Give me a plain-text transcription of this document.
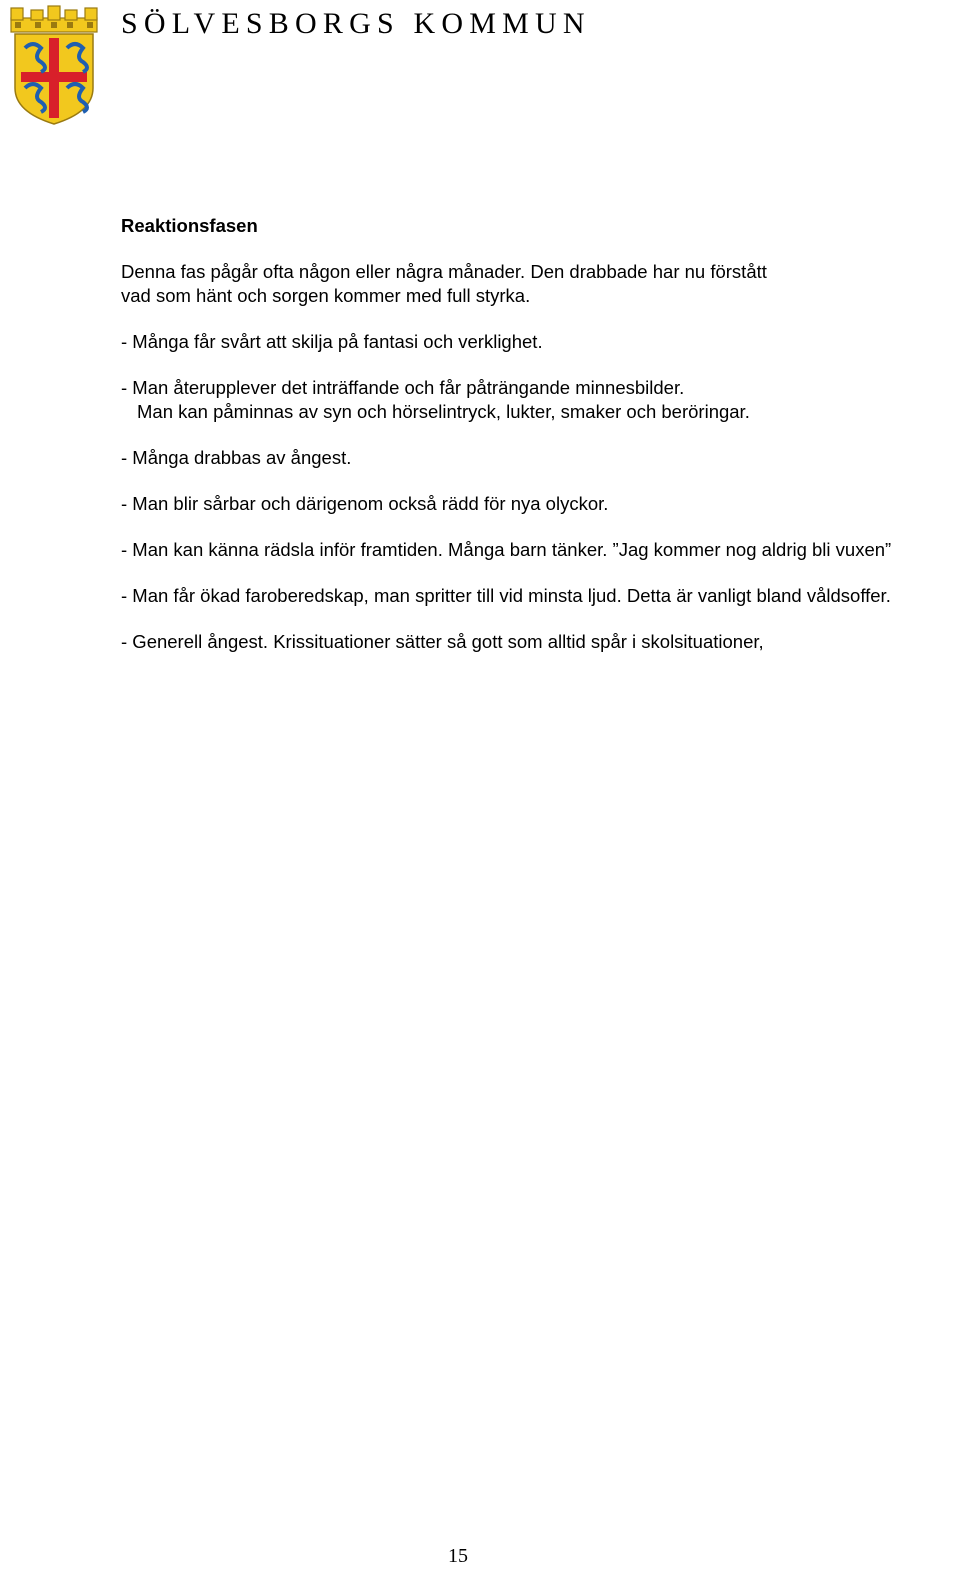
SÖLVESBORGS KOMMUN
Reaktionsfasen
Denna fas pågår ofta någon eller några månader. Den drabbade har nu förstått
vad som hänt och sorgen kommer med full styrka.
- Många får svårt att skilja på fantasi och verklighet.
- Man återupplever det inträffande och får påträngande minnesbilder.
Man kan påminnas av syn och hörselintryck, lukter, smaker och beröringar.
- Många drabbas av ångest.
- Man blir sårbar och därigenom också rädd för nya olyckor.
- Man kan känna rädsla inför framtiden. Många barn tänker. ”Jag kommer nog aldrig bli vuxen”
- Man får ökad faroberedskap, man spritter till vid minsta ljud. Detta är vanligt bland våldsoffer.
- Generell ångest. Krissituationer sätter så gott som alltid spår i skolsituationer,
15
